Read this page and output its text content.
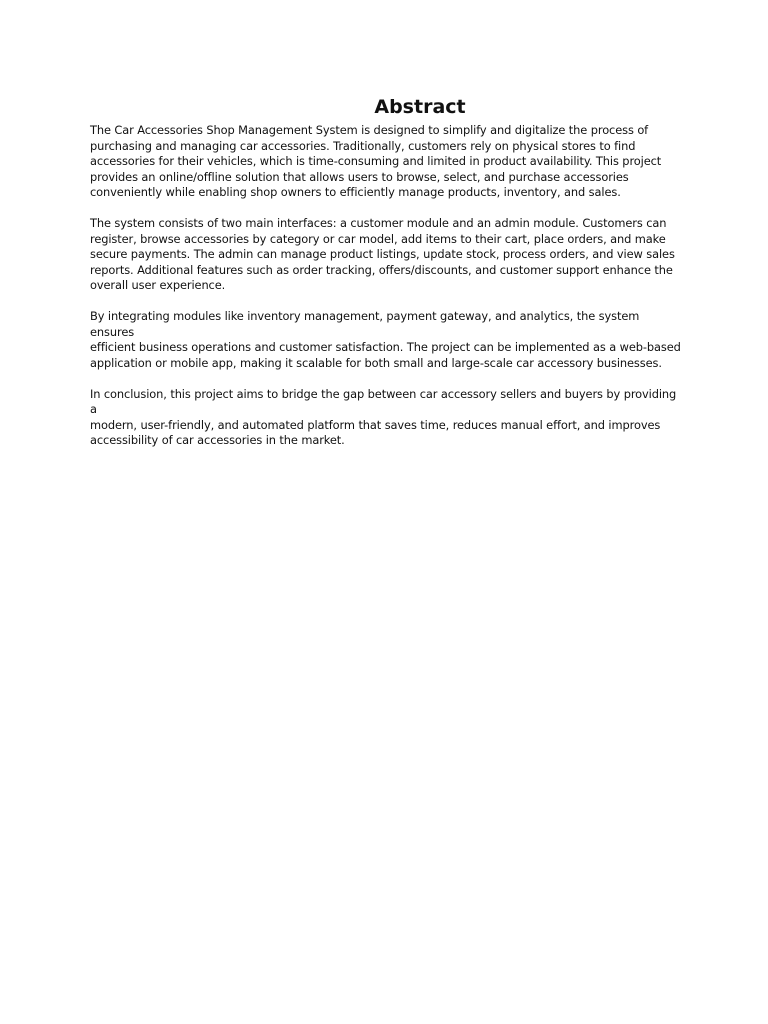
Abstract

The Car Accessories Shop Management System is designed to simplify and digitalize the process of
purchasing and managing car accessories. Traditionally, customers rely on physical stores to find
accessories for their vehicles, which is time-consuming and limited in product availability. This project
provides an online/offline solution that allows users to browse, select, and purchase accessories
conveniently while enabling shop owners to efficiently manage products, inventory, and sales.

The system consists of two main interfaces: a customer module and an admin module. Customers can
register, browse accessories by category or car model, add items to their cart, place orders, and make
secure payments. The admin can manage product listings, update stock, process orders, and view sales
reports. Additional features such as order tracking, offers/discounts, and customer support enhance the
overall user experience.

By integrating modules like inventory management, payment gateway, and analytics, the system ensures
efficient business operations and customer satisfaction. The project can be implemented as a web-based
application or mobile app, making it scalable for both small and large-scale car accessory businesses.

In conclusion, this project aims to bridge the gap between car accessory sellers and buyers by providing a
modern, user-friendly, and automated platform that saves time, reduces manual effort, and improves
accessibility of car accessories in the market.
